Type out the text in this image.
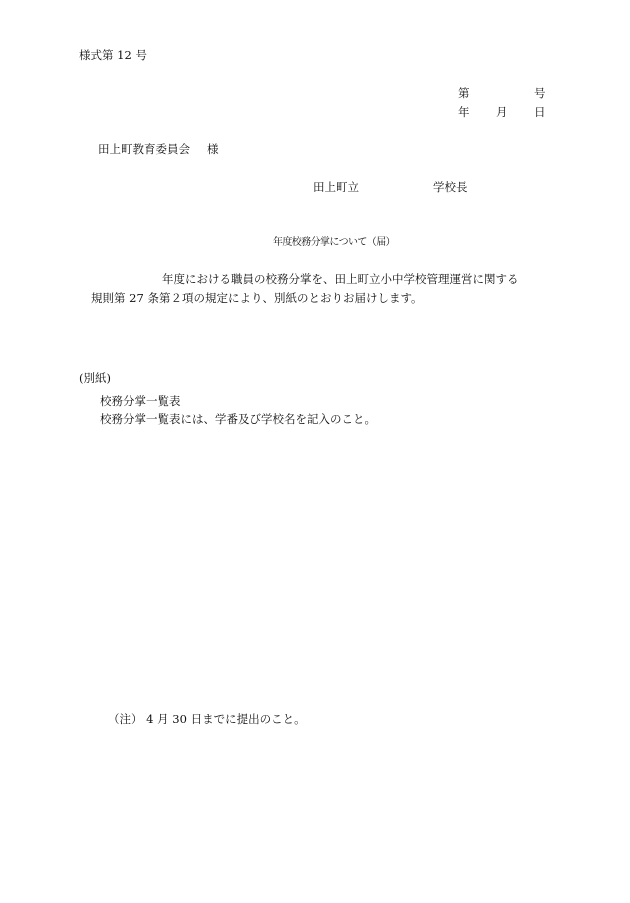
様式第 12 号
第	号
年 月 日
田上町教育委員会 様
田上町立	学校長
年度校務分掌について（届）
年度における職員の校務分掌を、田上町立小中学校管理運営に関する
規則第 27 条第２項の規定により、別紙のとおりお届けします。
(別紙)
校務分掌一覧表
校務分掌一覧表には、学番及び学校名を記入のこと。
（注） 4 月 30 日までに提出のこと。
